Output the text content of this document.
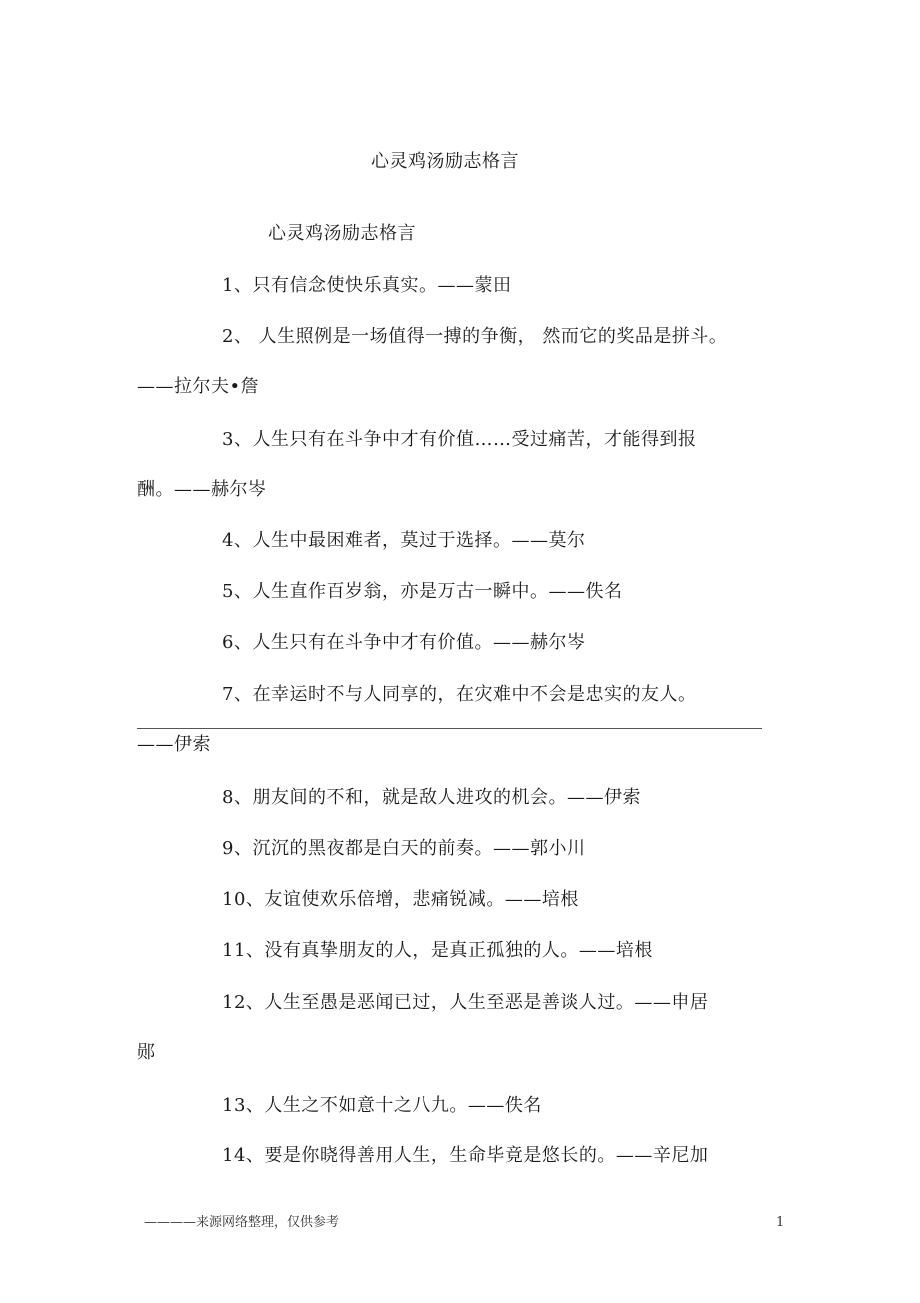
心灵鸡汤励志格言
心灵鸡汤励志格言
1、只有信念使快乐真实。——蒙田
2、 人生照例是一场值得一搏的争衡， 然而它的奖品是拼斗。
——拉尔夫•詹
3、人生只有在斗争中才有价值……受过痛苦，才能得到报
酬。——赫尔岑
4、人生中最困难者，莫过于选择。——莫尔
5、人生直作百岁翁，亦是万古一瞬中。——佚名
6、人生只有在斗争中才有价值。——赫尔岑
7、在幸运时不与人同享的，在灾难中不会是忠实的友人。
——伊索
8、朋友间的不和，就是敌人进攻的机会。——伊索
9、沉沉的黑夜都是白天的前奏。——郭小川
10、友谊使欢乐倍增，悲痛锐减。——培根
11、没有真挚朋友的人，是真正孤独的人。——培根
12、人生至愚是恶闻已过，人生至恶是善谈人过。——申居
郧
13、人生之不如意十之八九。——佚名
14、要是你晓得善用人生，生命毕竟是悠长的。——辛尼加
————来源网络整理，仅供参考	1
